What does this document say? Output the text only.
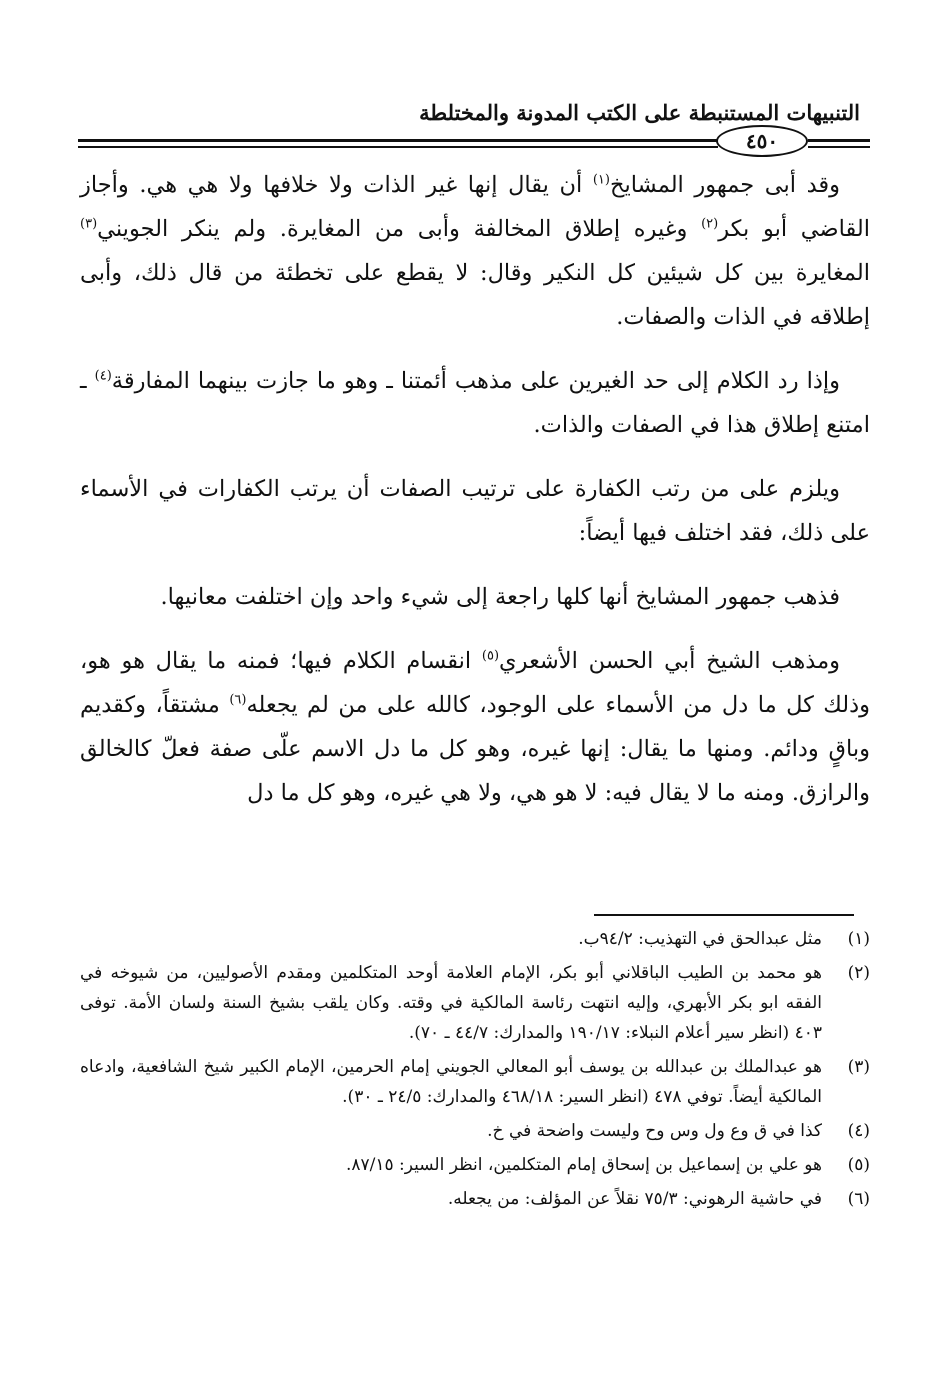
التنبيهات المستنبطة على الكتب المدونة والمختلطة
٤٥٠

وقد أبى جمهور المشايخ$^{(١)}$ أن يقال إنها غير الذات ولا خلافها ولا هي هي. وأجاز القاضي أبو بكر$^{(٢)}$ وغيره إطلاق المخالفة وأبى من المغايرة. ولم ينكر الجويني$^{(٣)}$ المغايرة بين كل شيئين كل النكير وقال: لا يقطع على تخطئة من قال ذلك، وأبى إطلاقه في الذات والصفات.

وإذا رد الكلام إلى حد الغيرين على مذهب أئمتنا ـ وهو ما جازت بينهما المفارقة$^{(٤)}$ ـ امتنع إطلاق هذا في الصفات والذات.

ويلزم على من رتب الكفارة على ترتيب الصفات أن يرتب الكفارات في الأسماء على ذلك، فقد اختلف فيها أيضاً:

فذهب جمهور المشايخ أنها كلها راجعة إلى شيء واحد وإن اختلفت معانيها.

ومذهب الشيخ أبي الحسن الأشعري$^{(٥)}$ انقسام الكلام فيها؛ فمنه ما يقال هو هو، وذلك كل ما دل من الأسماء على الوجود، كالله على من لم يجعله$^{(٦)}$ مشتقاً، وكقديم وباقٍ ودائم. ومنها ما يقال: إنها غيره، وهو كل ما دل الاسم علّى صفة فعلّ كالخالق والرازق. ومنه ما لا يقال فيه: لا هو هي، ولا هي غيره، وهو كل ما دل

(١)
مثل عبدالحق في التهذيب: ٩٤/٢ب.
(٢)
هو محمد بن الطيب الباقلاني أبو بكر، الإمام العلامة أوحد المتكلمين ومقدم الأصوليين، من شيوخه في الفقه ابو بكر الأبهري، وإليه انتهت رئاسة المالكية في وقته. وكان يلقب بشيخ السنة ولسان الأمة. توفى ٤٠٣ (انظر سير أعلام النبلاء: ١٩٠/١٧ والمدارك: ٤٤/٧ ـ ٧٠).
(٣)
هو عبدالملك بن عبدالله بن يوسف أبو المعالي الجويني إمام الحرمين، الإمام الكبير شيخ الشافعية، وادعاه المالكية أيضاً. توفي ٤٧٨ (انظر السير: ٤٦٨/١٨ والمدارك: ٢٤/٥ ـ ٣٠).
(٤)
كذا في ق وع ول وس وح وليست واضحة في خ.
(٥)
هو علي بن إسماعيل بن إسحاق إمام المتكلمين، انظر السير: ٨٧/١٥.
(٦)
في حاشية الرهوني: ٧٥/٣ نقلاً عن المؤلف: من يجعله.
